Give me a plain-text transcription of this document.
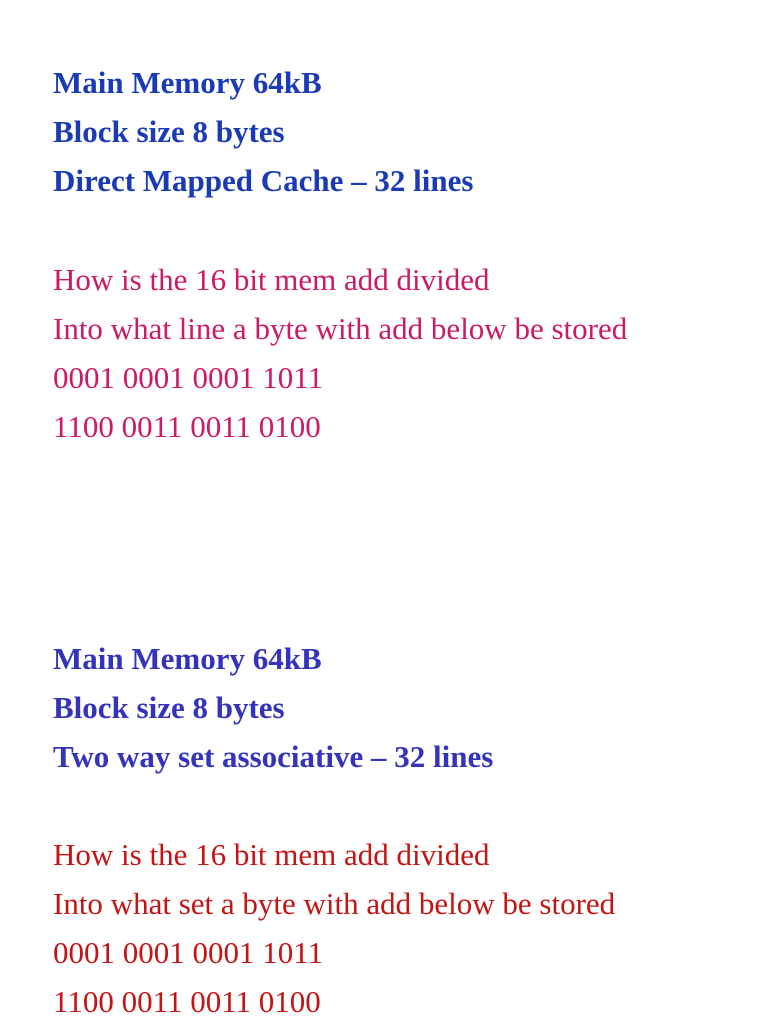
Main Memory 64kB
Block size 8 bytes
Direct Mapped Cache – 32 lines
How is the 16 bit mem add divided
Into what line a byte with add below be stored
0001 0001 0001 1011
1100 0011 0011 0100
Main Memory 64kB
Block size 8 bytes
Two way set associative – 32 lines
How is the 16 bit mem add divided
Into what set a byte with add below be stored
0001 0001 0001 1011
1100 0011 0011 0100
